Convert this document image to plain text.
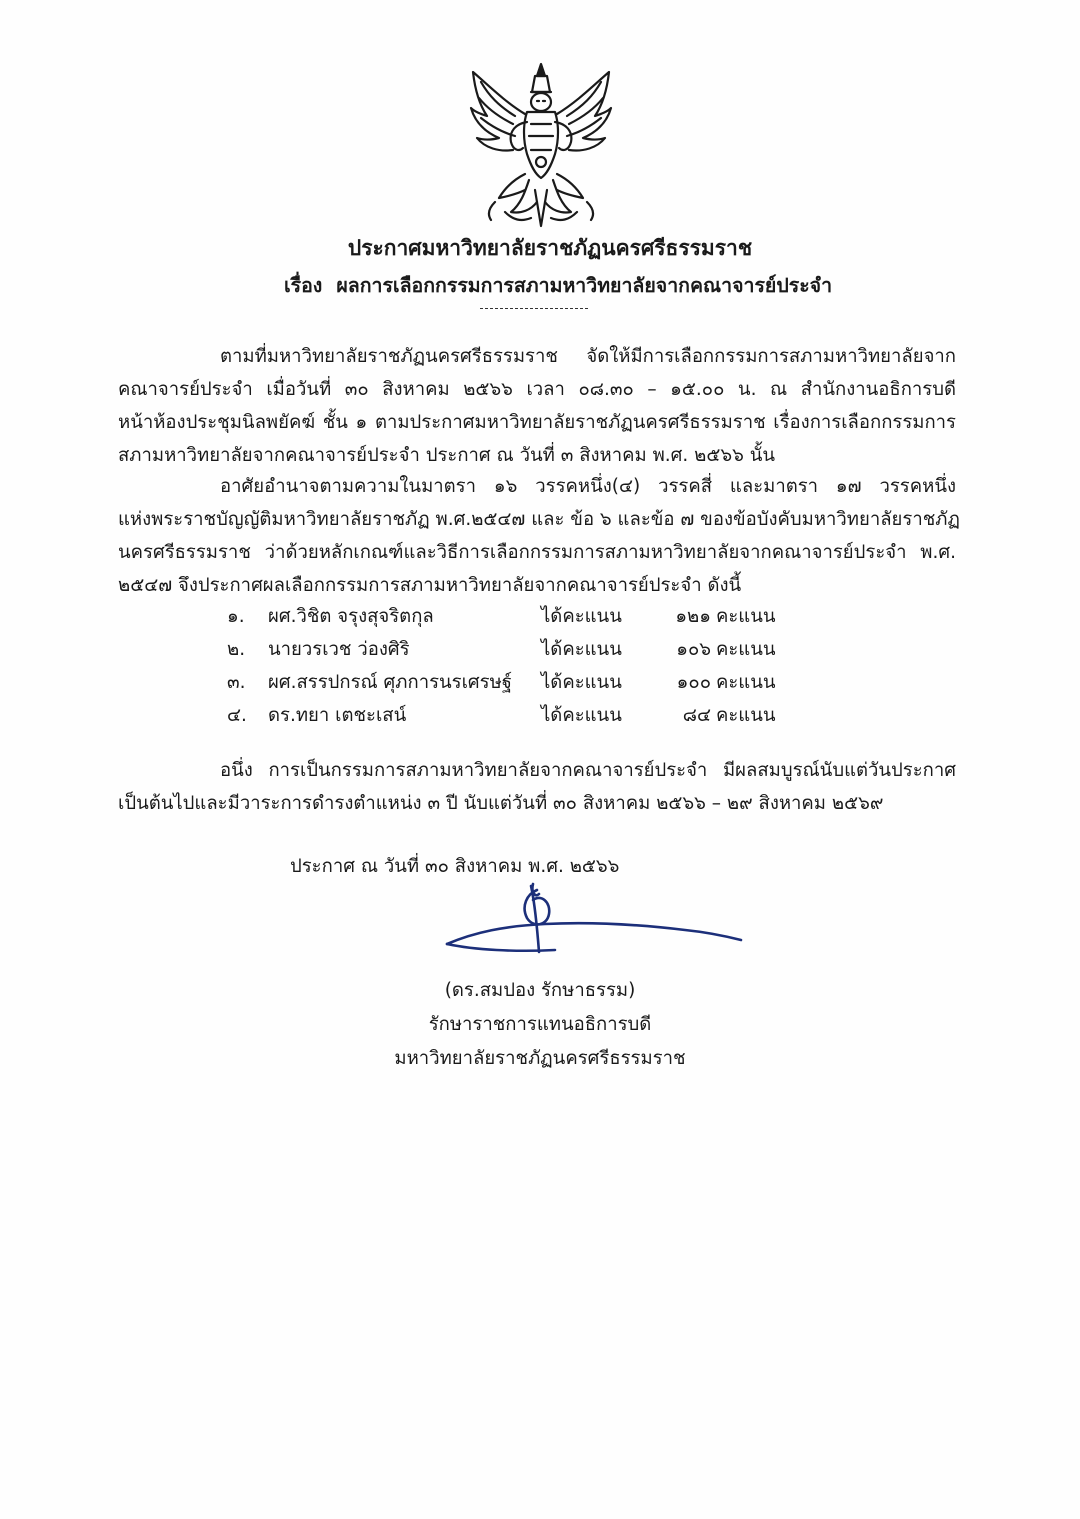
ประกาศมหาวิทยาลัยราชภัฏนครศรีธรรมราช
เรื่อง ผลการเลือกกรรมการสภามหาวิทยาลัยจากคณาจารย์ประจำ
ตามที่มหาวิทยาลัยราชภัฏนครศรีธรรมราช จัดให้มีการเลือกกรรมการสภามหาวิทยาลัยจาก
คณาจารย์ประจำ เมื่อวันที่ ๓๐ สิงหาคม ๒๕๖๖ เวลา ๐๘.๓๐ – ๑๕.๐๐ น. ณ สำนักงานอธิการบดี
หน้าห้องประชุมนิลพยัคฆ์ ชั้น ๑ ตามประกาศมหาวิทยาลัยราชภัฏนครศรีธรรมราช เรื่องการเลือกกรรมการ
สภามหาวิทยาลัยจากคณาจารย์ประจำ ประกาศ ณ วันที่ ๓ สิงหาคม พ.ศ. ๒๕๖๖ นั้น
อาศัยอำนาจตามความในมาตรา ๑๖ วรรคหนึ่ง(๔) วรรคสี่ และมาตรา ๑๗ วรรคหนึ่ง
แห่งพระราชบัญญัติมหาวิทยาลัยราชภัฏ พ.ศ.๒๕๔๗ และ ข้อ ๖ และข้อ ๗ ของข้อบังคับมหาวิทยาลัยราชภัฏ
นครศรีธรรมราช ว่าด้วยหลักเกณฑ์และวิธีการเลือกกรรมการสภามหาวิทยาลัยจากคณาจารย์ประจำ พ.ศ.
๒๕๔๗ จึงประกาศผลเลือกกรรมการสภามหาวิทยาลัยจากคณาจารย์ประจำ ดังนี้
๑. ผศ.วิชิต จรุงสุจริตกุล	ได้คะแนน	๑๒๑ คะแนน
๒. นายวรเวช ว่องศิริ	ได้คะแนน	๑๐๖ คะแนน
๓. ผศ.สรรปกรณ์ ศุภการนรเศรษฐ์ ได้คะแนน	๑๐๐ คะแนน
๔. ดร.ทยา เตชะเสน์	ได้คะแนน	๘๔ คะแนน
อนึ่ง การเป็นกรรมการสภามหาวิทยาลัยจากคณาจารย์ประจำ มีผลสมบูรณ์นับแต่วันประกาศ
เป็นต้นไปและมีวาระการดำรงตำแหน่ง ๓ ปี นับแต่วันที่ ๓๐ สิงหาคม ๒๕๖๖ – ๒๙ สิงหาคม ๒๕๖๙
ประกาศ ณ วันที่ ๓๐ สิงหาคม พ.ศ. ๒๕๖๖
(ดร.สมปอง รักษาธรรม)
รักษาราชการแทนอธิการบดี
มหาวิทยาลัยราชภัฏนครศรีธรรมราช
